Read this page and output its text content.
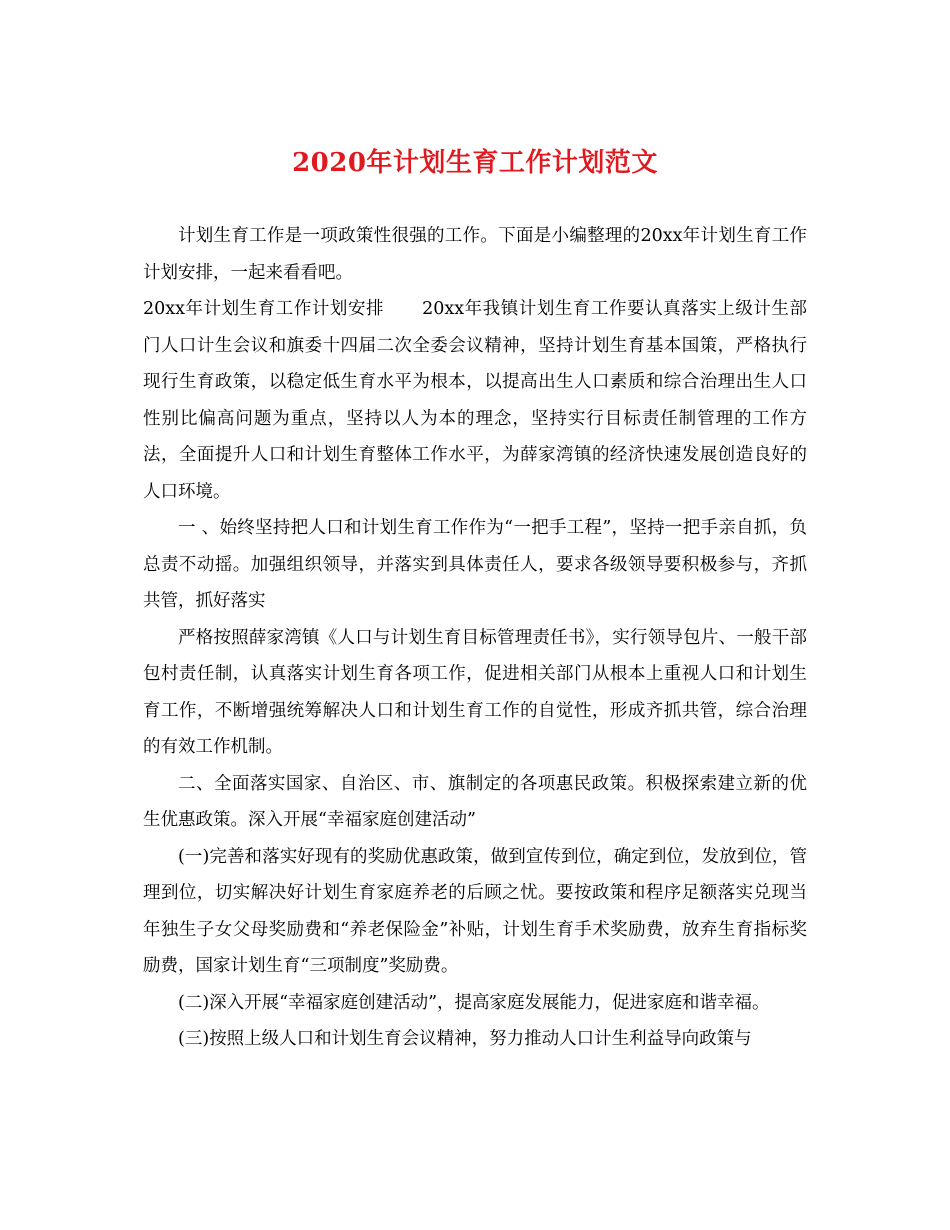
2020年计划生育工作计划范文

计划生育工作是一项政策性很强的工作。下面是小编整理的20xx年计划生育工作计划安排，一起来看看吧。

20xx年计划生育工作计划安排 20xx年我镇计划生育工作要认真落实上级计生部门人口计生会议和旗委十四届二次全委会议精神，坚持计划生育基本国策，严格执行现行生育政策，以稳定低生育水平为根本，以提高出生人口素质和综合治理出生人口性别比偏高问题为重点，坚持以人为本的理念，坚持实行目标责任制管理的工作方法，全面提升人口和计划生育整体工作水平，为薛家湾镇的经济快速发展创造良好的人口环境。

一 、始终坚持把人口和计划生育工作作为“一把手工程”，坚持一把手亲自抓，负总责不动摇。加强组织领导，并落实到具体责任人，要求各级领导要积极参与，齐抓共管，抓好落实

严格按照薛家湾镇《人口与计划生育目标管理责任书》，实行领导包片、一般干部包村责任制，认真落实计划生育各项工作，促进相关部门从根本上重视人口和计划生育工作，不断增强统筹解决人口和计划生育工作的自觉性，形成齐抓共管，综合治理的有效工作机制。

二、全面落实国家、自治区、市、旗制定的各项惠民政策。积极探索建立新的优生优惠政策。深入开展“幸福家庭创建活动”

(一)完善和落实好现有的奖励优惠政策，做到宣传到位，确定到位，发放到位，管理到位，切实解决好计划生育家庭养老的后顾之忧。要按政策和程序足额落实兑现当年独生子女父母奖励费和“养老保险金”补贴，计划生育手术奖励费，放弃生育指标奖励费，国家计划生育“三项制度”奖励费。

(二)深入开展“幸福家庭创建活动”，提高家庭发展能力，促进家庭和谐幸福。

(三)按照上级人口和计划生育会议精神，努力推动人口计生利益导向政策与
